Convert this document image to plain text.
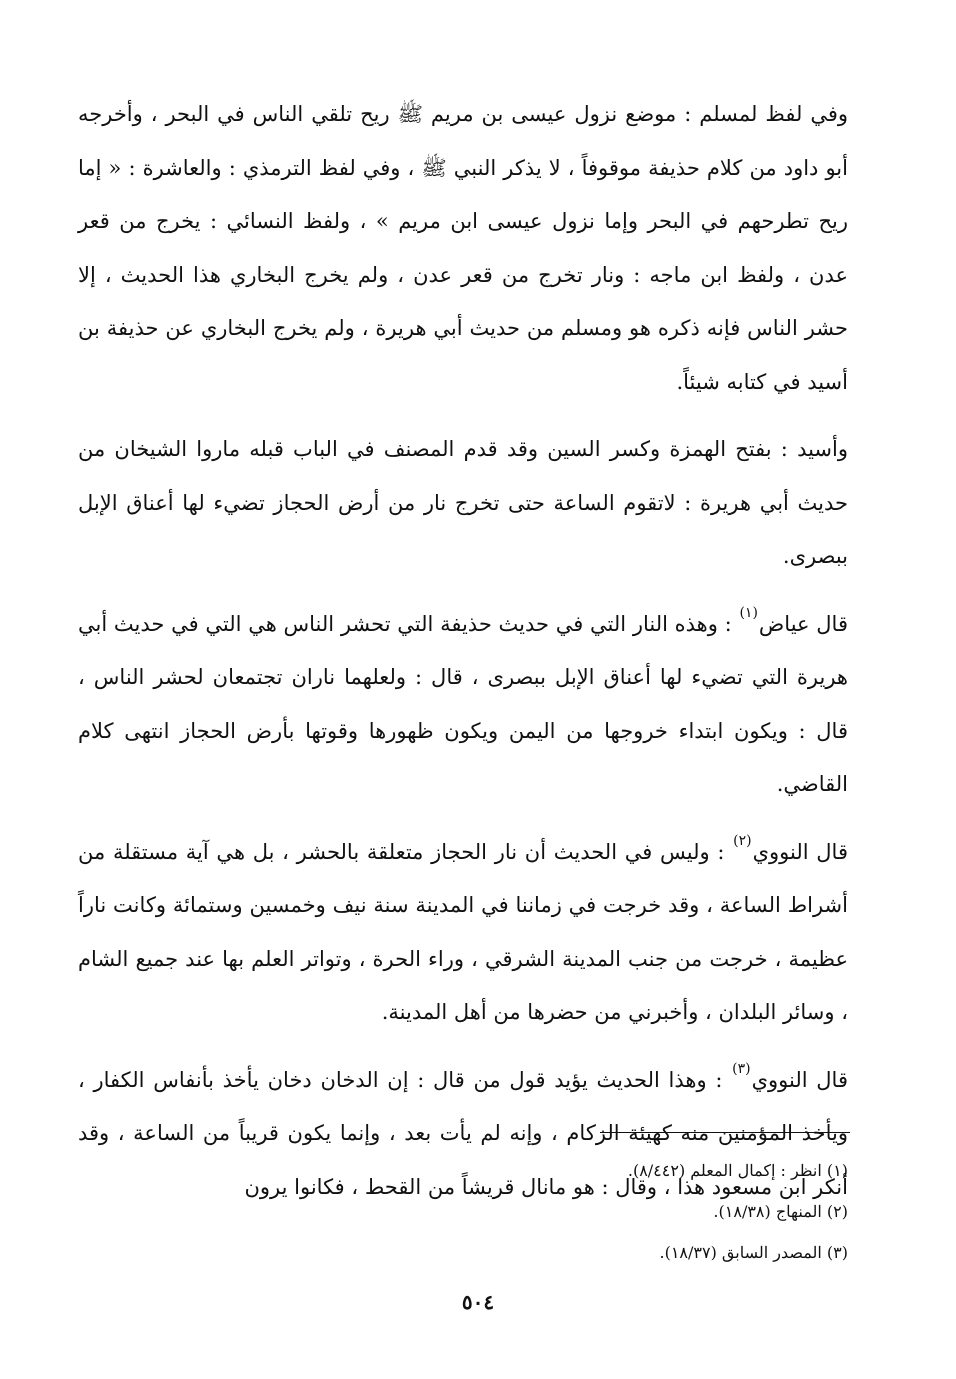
وفي لفظ لمسلم : موضع نزول عيسى بن مريم ﷺ ريح تلقي الناس في البحر ، وأخرجه أبو داود من كلام حذيفة موقوفاً ، لا يذكر النبي ﷺ ، وفي لفظ الترمذي : والعاشرة : « إما ريح تطرحهم في البحر وإما نزول عيسى ابن مريم » ، ولفظ النسائي : يخرج من قعر عدن ، ولفظ ابن ماجه : ونار تخرج من قعر عدن ، ولم يخرج البخاري هذا الحديث ، إلا حشر الناس فإنه ذكره هو ومسلم من حديث أبي هريرة ، ولم يخرج البخاري عن حذيفة بن أسيد في كتابه شيئاً.

وأسيد : بفتح الهمزة وكسر السين وقد قدم المصنف في الباب قبله ماروا الشيخان من حديث أبي هريرة : لاتقوم الساعة حتى تخرج نار من أرض الحجاز تضيء لها أعناق الإبل ببصرى.

قال عياض(١) : وهذه النار التي في حديث حذيفة التي تحشر الناس هي التي في حديث أبي هريرة التي تضيء لها أعناق الإبل ببصرى ، قال : ولعلهما ناران تجتمعان لحشر الناس ، قال : ويكون ابتداء خروجها من اليمن ويكون ظهورها وقوتها بأرض الحجاز انتهى كلام القاضي.

قال النووي(٢) : وليس في الحديث أن نار الحجاز متعلقة بالحشر ، بل هي آية مستقلة من أشراط الساعة ، وقد خرجت في زماننا في المدينة سنة نيف وخمسين وستمائة وكانت ناراً عظيمة ، خرجت من جنب المدينة الشرقي ، وراء الحرة ، وتواتر العلم بها عند جميع الشام ، وسائر البلدان ، وأخبرني من حضرها من أهل المدينة.

قال النووي(٣) : وهذا الحديث يؤيد قول من قال : إن الدخان دخان يأخذ بأنفاس الكفار ، ويأخذ المؤمنين منه كهيئة الزكام ، وإنه لم يأت بعد ، وإنما يكون قريباً من الساعة ، وقد أنكر ابن مسعود هذا ، وقال : هو مانال قريشاً من القحط ، فكانوا يرون

(١) انظر : إكمال المعلم (٨/٤٤٢).

(٢) المنهاج (١٨/٣٨).

(٣) المصدر السابق (١٨/٣٧).

٥٠٤
